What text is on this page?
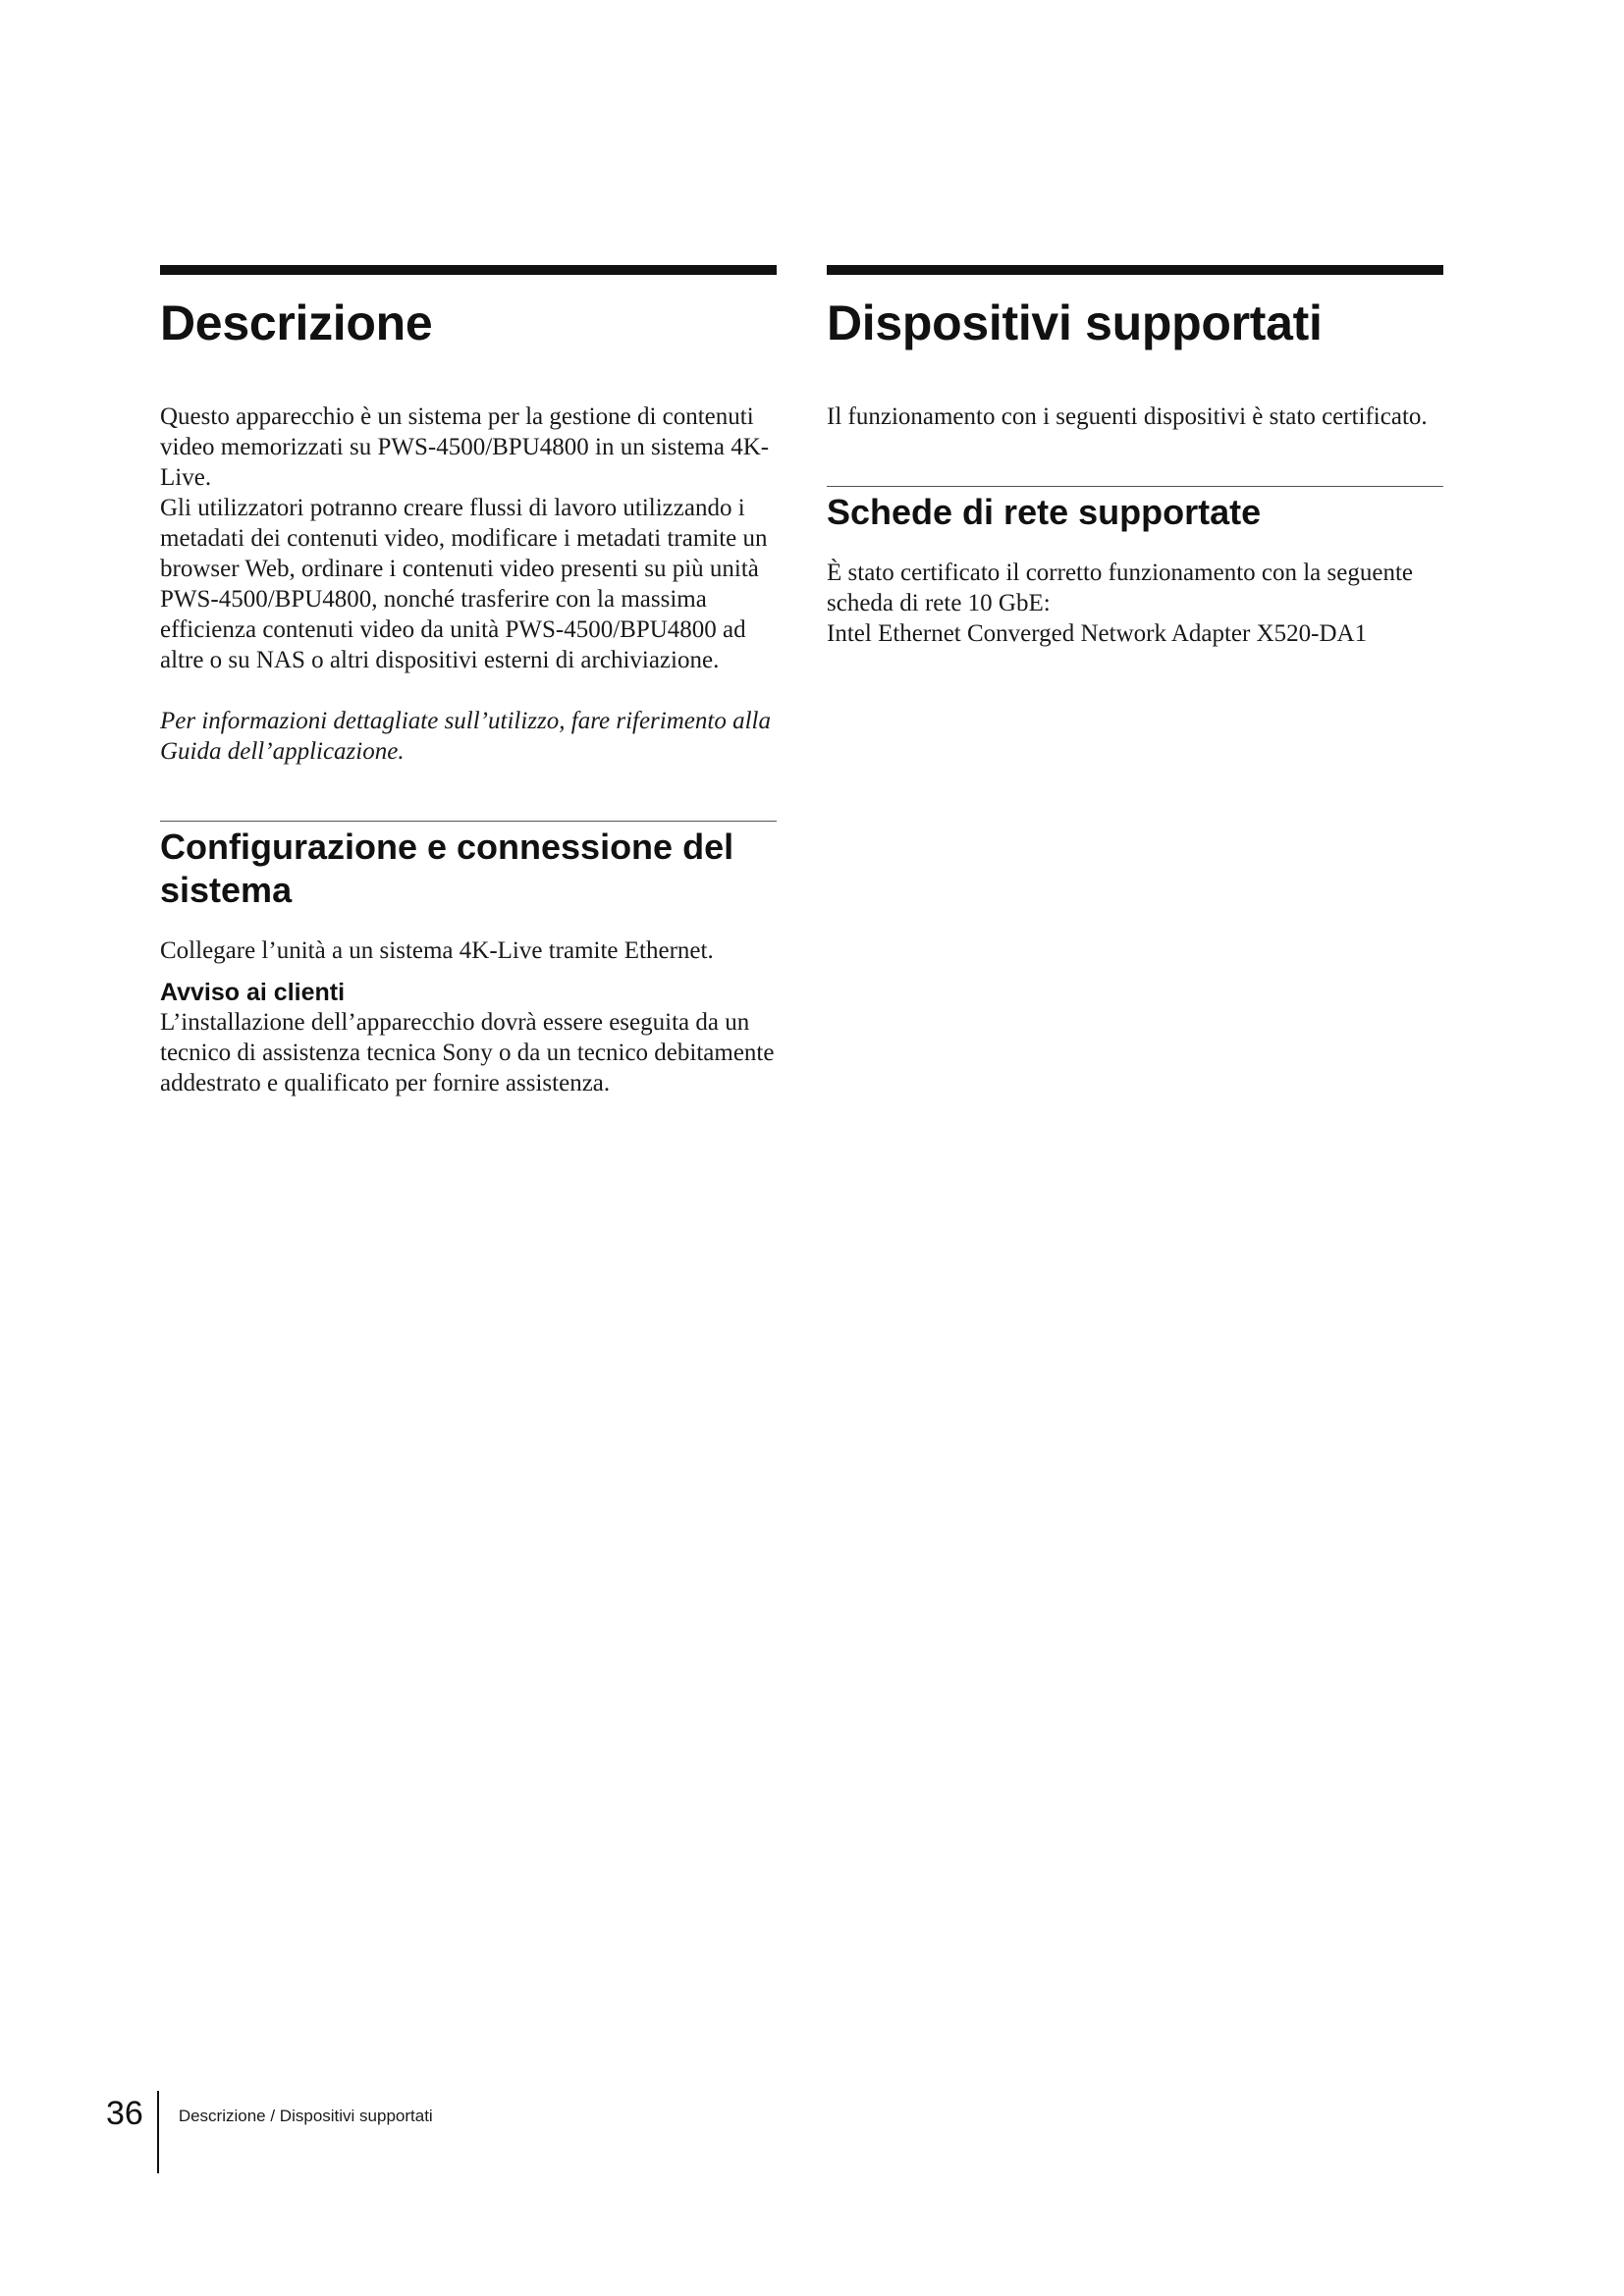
Descrizione

Questo apparecchio è un sistema per la gestione di contenuti video memorizzati su PWS-4500/BPU4800 in un sistema 4K-Live.

Gli utilizzatori potranno creare flussi di lavoro utilizzando i metadati dei contenuti video, modificare i metadati tramite un browser Web, ordinare i contenuti video presenti su più unità PWS-4500/BPU4800, nonché trasferire con la massima efficienza contenuti video da unità PWS-4500/BPU4800 ad altre o su NAS o altri dispositivi esterni di archiviazione.

Per informazioni dettagliate sull’utilizzo, fare riferimento alla Guida dell’applicazione.

Configurazione e connessione del sistema

Collegare l’unità a un sistema 4K-Live tramite Ethernet.

Avviso ai clienti

L’installazione dell’apparecchio dovrà essere eseguita da un tecnico di assistenza tecnica Sony o da un tecnico debitamente addestrato e qualificato per fornire assistenza.

Dispositivi supportati

Il funzionamento con i seguenti dispositivi è stato certificato.

Schede di rete supportate

È stato certificato il corretto funzionamento con la seguente scheda di rete 10 GbE:

Intel Ethernet Converged Network Adapter X520-DA1

36 Descrizione / Dispositivi supportati
